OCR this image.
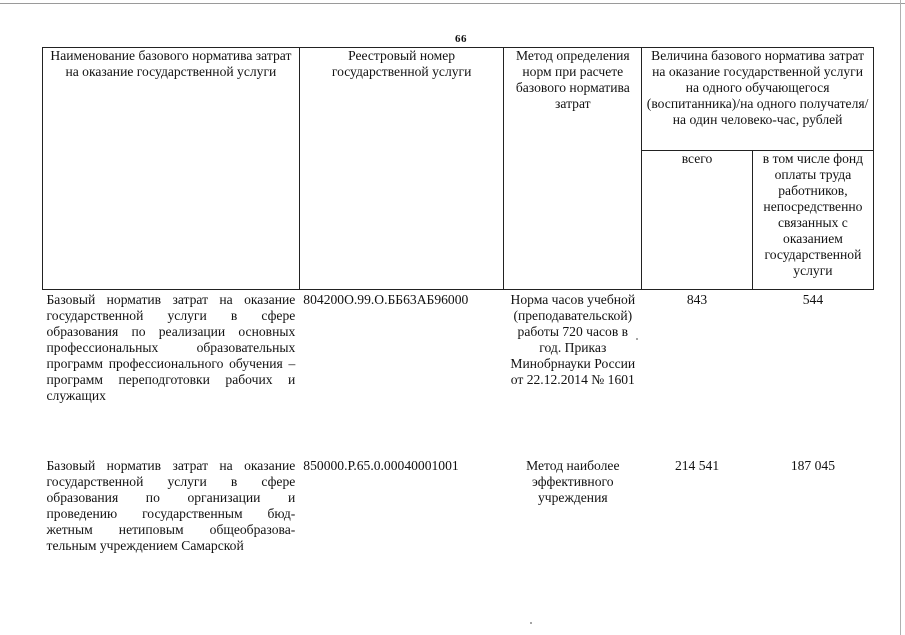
66
Наименование базового норматива затрат на оказание государственной услуги	Реестровый номер государственной услуги	Метод определения норм при расчете базового норматива затрат	Величина базового норматива затрат на оказание государственной услуги на одного обучающегося (воспитанника)/на одного получателя/на один человеко-час, рублей	
			всего	в том числе фонд оплаты труда работников, непосредственно связанных с оказанием государственной услуги
Базовый норматив затрат на оказание государственной услуги в сфере образования по реализации основных профессиональных образовательных программ профессионального обучения – программ переподготовки рабочих и служащих	804200О.99.О.ББ63АБ96000	Норма часов учебной (преподавательской) работы 720 часов в год. Приказ Минобрнауки России от 22.12.2014 № 1601	843	544
Базовый норматив затрат на оказание государственной услуги в сфере образования по организации и проведению государственным бюд-жетным нетиповым общеобразова-тельным учреждением Самарской	850000.Р.65.0.00040001001	Метод наиболее эффективного учреждения	214 541	187 045
